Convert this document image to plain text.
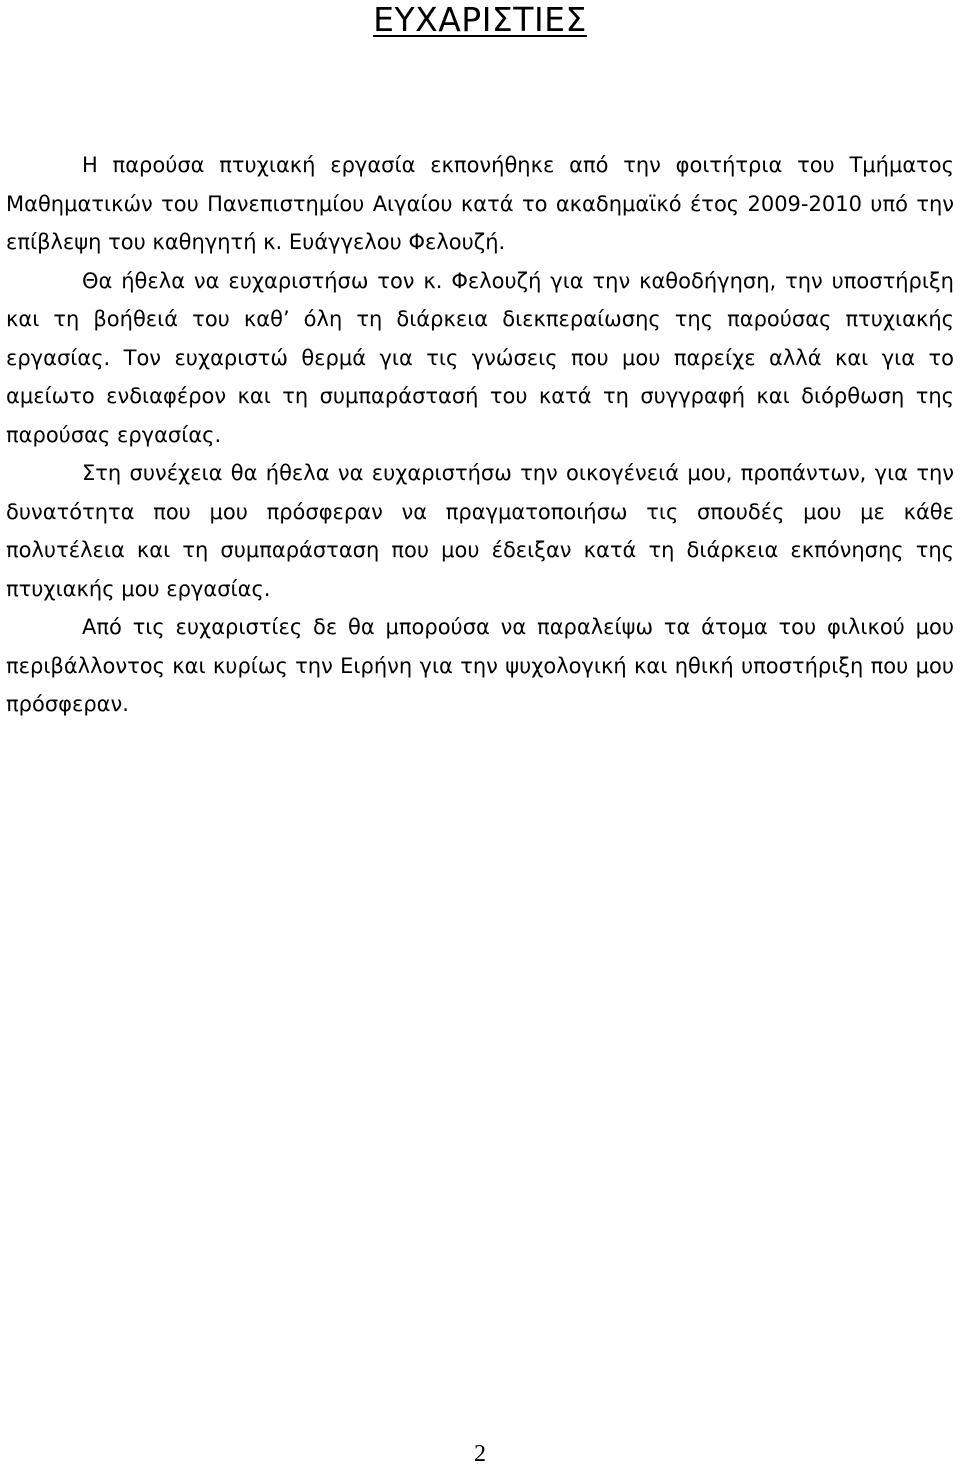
ΕΥΧΑΡΙΣΤΙΕΣ

Η παρούσα πτυχιακή εργασία εκπονήθηκε από την φοιτήτρια του Τμήματος Μαθηματικών του Πανεπιστημίου Αιγαίου κατά το ακαδημαϊκό έτος 2009-2010 υπό την επίβλεψη του καθηγητή κ. Ευάγγελου Φελουζή.

Θα ήθελα να ευχαριστήσω τον κ. Φελουζή για την καθοδήγηση, την υποστήριξη και τη βοήθειά του καθ’ όλη τη διάρκεια διεκπεραίωσης της παρούσας πτυχιακής εργασίας. Τον ευχαριστώ θερμά για τις γνώσεις που μου παρείχε αλλά και για το αμείωτο ενδιαφέρον και τη συμπαράστασή του κατά τη συγγραφή και διόρθωση της παρούσας εργασίας.

Στη συνέχεια θα ήθελα να ευχαριστήσω την οικογένειά μου, προπάντων, για την δυνατότητα που μου πρόσφεραν να πραγματοποιήσω τις σπουδές μου με κάθε πολυτέλεια και τη συμπαράσταση που μου έδειξαν κατά τη διάρκεια εκπόνησης της πτυχιακής μου εργασίας.

Από τις ευχαριστίες δε θα μπορούσα να παραλείψω τα άτομα του φιλικού μου περιβάλλοντος και κυρίως την Ειρήνη για την ψυχολογική και ηθική υποστήριξη που μου πρόσφεραν.

2
